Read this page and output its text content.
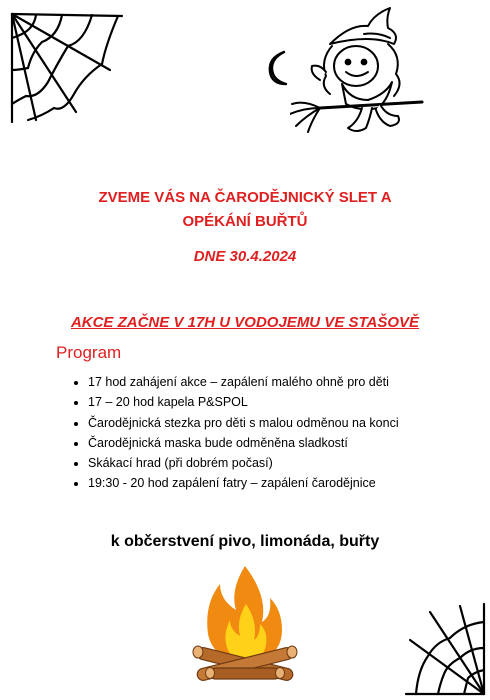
ZVEME VÁS NA ČARODĚJNICKÝ SLET A
OPÉKÁNÍ BUŘTŮ
DNE 30.4.2024
AKCE ZAČNE V 17H U VODOJEMU VE STAŠOVĚ
Program
• 17 hod zahájení akce – zapálení malého ohně pro děti
• 17 – 20 hod kapela P&SPOL
• Čarodějnická stezka pro děti s malou odměnou na konci
• Čarodějnická maska bude odměněna sladkostí
• Skákací hrad (při dobrém počasí)
• 19:30 - 20 hod zapálení fatry – zapálení čarodějnice
k občerstvení pivo, limonáda, buřty
